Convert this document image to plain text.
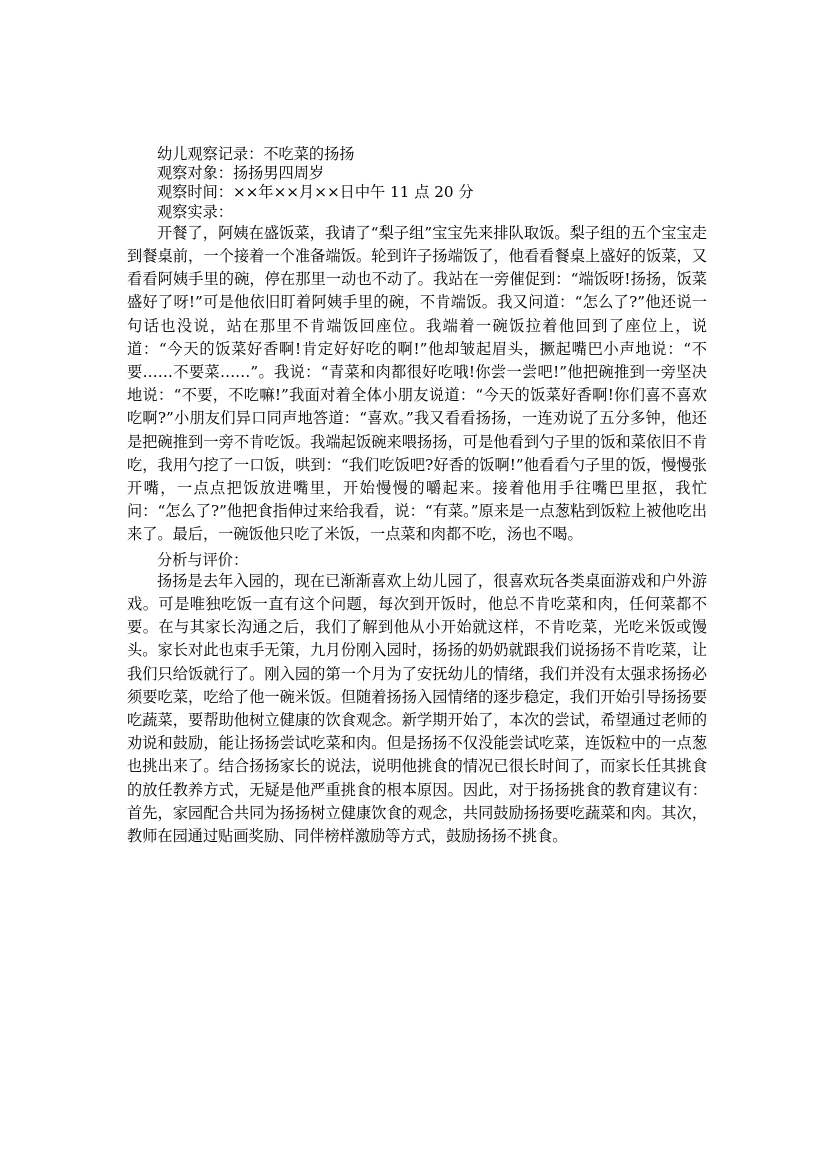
幼儿观察记录：不吃菜的扬扬

观察对象：扬扬男四周岁

观察时间：××年××月××日中午 11 点 20 分

观察实录：

开餐了，阿姨在盛饭菜，我请了“梨子组”宝宝先来排队取饭。梨子组的五个宝宝走到餐桌前，一个接着一个准备端饭。轮到许子扬端饭了，他看看餐桌上盛好的饭菜，又看看阿姨手里的碗，停在那里一动也不动了。我站在一旁催促到：“端饭呀!扬扬，饭菜盛好了呀!”可是他依旧盯着阿姨手里的碗，不肯端饭。我又问道：“怎么了?”他还说一句话也没说，站在那里不肯端饭回座位。我端着一碗饭拉着他回到了座位上，说道：“今天的饭菜好香啊!肯定好好吃的啊!”他却皱起眉头，撅起嘴巴小声地说：“不要……不要菜……”。我说：“青菜和肉都很好吃哦!你尝一尝吧!”他把碗推到一旁坚决地说：“不要，不吃嘛!”我面对着全体小朋友说道：“今天的饭菜好香啊!你们喜不喜欢吃啊?”小朋友们异口同声地答道：“喜欢。”我又看看扬扬，一连劝说了五分多钟，他还是把碗推到一旁不肯吃饭。我端起饭碗来喂扬扬，可是他看到勺子里的饭和菜依旧不肯吃，我用勺挖了一口饭，哄到：“我们吃饭吧?好香的饭啊!”他看看勺子里的饭，慢慢张开嘴，一点点把饭放进嘴里，开始慢慢的嚼起来。接着他用手往嘴巴里抠，我忙问：“怎么了?”他把食指伸过来给我看，说：“有菜。”原来是一点葱粘到饭粒上被他吃出来了。最后，一碗饭他只吃了米饭，一点菜和肉都不吃，汤也不喝。

分析与评价：

扬扬是去年入园的，现在已渐渐喜欢上幼儿园了，很喜欢玩各类桌面游戏和户外游戏。可是唯独吃饭一直有这个问题，每次到开饭时，他总不肯吃菜和肉，任何菜都不要。在与其家长沟通之后，我们了解到他从小开始就这样，不肯吃菜，光吃米饭或馒头。家长对此也束手无策，九月份刚入园时，扬扬的奶奶就跟我们说扬扬不肯吃菜，让我们只给饭就行了。刚入园的第一个月为了安抚幼儿的情绪，我们并没有太强求扬扬必须要吃菜，吃给了他一碗米饭。但随着扬扬入园情绪的逐步稳定，我们开始引导扬扬要吃蔬菜，要帮助他树立健康的饮食观念。新学期开始了，本次的尝试，希望通过老师的劝说和鼓励，能让扬扬尝试吃菜和肉。但是扬扬不仅没能尝试吃菜，连饭粒中的一点葱也挑出来了。结合扬扬家长的说法，说明他挑食的情况已很长时间了，而家长任其挑食的放任教养方式，无疑是他严重挑食的根本原因。因此，对于扬扬挑食的教育建议有：首先，家园配合共同为扬扬树立健康饮食的观念，共同鼓励扬扬要吃蔬菜和肉。其次，教师在园通过贴画奖励、同伴榜样激励等方式，鼓励扬扬不挑食。
